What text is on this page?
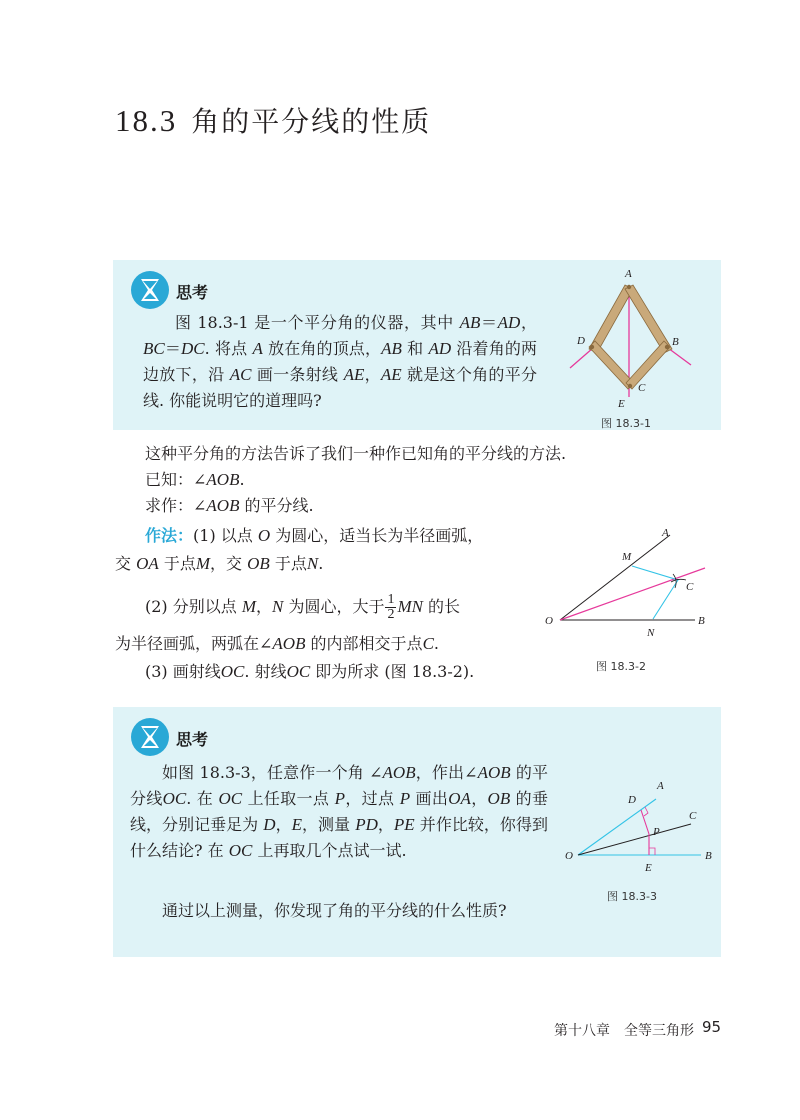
18.3 角的平分线的性质
思考
图 18.3-1 是一个平分角的仪器，其中 AB＝AD，BC＝DC. 将点 A 放在角的顶点，AB 和 AD 沿着角的两边放下，沿 AC 画一条射线 AE，AE 就是这个角的平分线. 你能说明它的道理吗?
A
D	B
C
E
图 18.3-1
这种平分角的方法告诉了我们一种作已知角的平分线的方法.
已知：∠AOB.
求作：∠AOB 的平分线.
作法：(1) 以点 O 为圆心，适当长为半径画弧，
交 OA 于点M，交 OB 于点N.
(2) 分别以点 M，N 为圆心，大于 $\frac{1}{2}$ MN 的长
为半径画弧，两弧在∠AOB 的内部相交于点C.
(3) 画射线OC. 射线OC 即为所求 (图 18.3-2).
A
M
C
O	B
N
图 18.3-2
思考
如图 18.3-3，任意作一个角 ∠AOB，作出∠AOB 的平分线OC. 在 OC 上任取一点 P，过点 P 画出OA，OB 的垂线，分别记垂足为 D，E，测量 PD，PE 并作比较，你得到什么结论? 在 OC 上再取几个点试一试.
通过以上测量，你发现了角的平分线的什么性质?
A
D
C
P
O	B
E
图 18.3-3
第十八章　全等三角形 95
